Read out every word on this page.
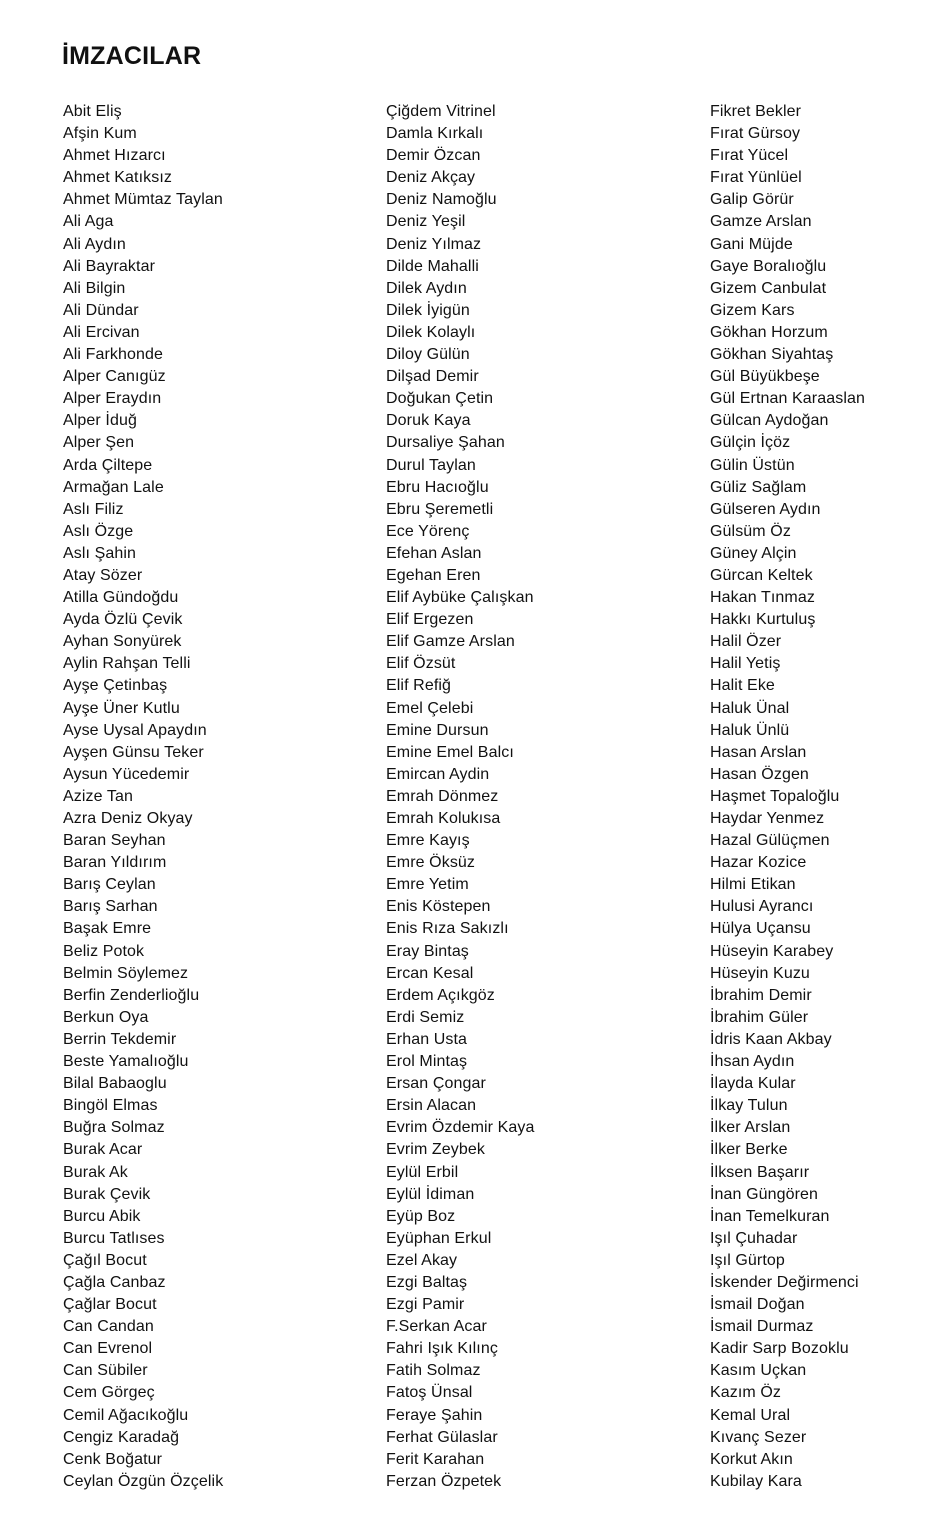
İMZACILAR
Abit Eliş
Afşin Kum
Ahmet Hızarcı
Ahmet Katıksız
Ahmet Mümtaz Taylan
Ali Aga
Ali Aydın
Ali Bayraktar
Ali Bilgin
Ali Dündar
Ali Ercivan
Ali Farkhonde
Alper Canıgüz
Alper Eraydın
Alper İduğ
Alper Şen
Arda Çiltepe
Armağan Lale
Aslı Filiz
Aslı Özge
Aslı Şahin
Atay Sözer
Atilla Gündoğdu
Ayda Özlü Çevik
Ayhan Sonyürek
Aylin Rahşan Telli
Ayşe Çetinbaş
Ayşe Üner Kutlu
Ayse Uysal Apaydın
Ayşen Günsu Teker
Aysun Yücedemir
Azize Tan
Azra Deniz Okyay
Baran Seyhan
Baran Yıldırım
Barış Ceylan
Barış Sarhan
Başak Emre
Beliz Potok
Belmin Söylemez
Berfin Zenderlioğlu
Berkun Oya
Berrin Tekdemir
Beste Yamalıoğlu
Bilal Babaoglu
Bingöl Elmas
Buğra Solmaz
Burak Acar
Burak Ak
Burak Çevik
Burcu Abik
Burcu Tatlıses
Çağıl Bocut
Çağla Canbaz
Çağlar Bocut
Can Candan
Can Evrenol
Can Sübiler
Cem Görgeç
Cemil Ağacıkoğlu
Cengiz Karadağ
Cenk Boğatur
Ceylan Özgün Özçelik
Çiğdem Vitrinel
Damla Kırkalı
Demir Özcan
Deniz Akçay
Deniz Namoğlu
Deniz Yeşil
Deniz Yılmaz
Dilde Mahalli
Dilek Aydın
Dilek İyigün
Dilek Kolaylı
Diloy Gülün
Dilşad Demir
Doğukan Çetin
Doruk Kaya
Dursaliye Şahan
Durul Taylan
Ebru Hacıoğlu
Ebru Şeremetli
Ece Yörenç
Efehan Aslan
Egehan Eren
Elif Aybüke Çalışkan
Elif Ergezen
Elif Gamze Arslan
Elif Özsüt
Elif Refiğ
Emel Çelebi
Emine Dursun
Emine Emel Balcı
Emircan Aydin
Emrah Dönmez
Emrah Kolukısa
Emre Kayış
Emre Öksüz
Emre Yetim
Enis Köstepen
Enis Rıza Sakızlı
Eray Bintaş
Ercan Kesal
Erdem Açıkgöz
Erdi Semiz
Erhan Usta
Erol Mintaş
Ersan Çongar
Ersin Alacan
Evrim Özdemir Kaya
Evrim Zeybek
Eylül Erbil
Eylül İdiman
Eyüp Boz
Eyüphan Erkul
Ezel Akay
Ezgi Baltaş
Ezgi Pamir
F.Serkan Acar
Fahri Işık Kılınç
Fatih Solmaz
Fatoş Ünsal
Feraye Şahin
Ferhat Gülaslar
Ferit Karahan
Ferzan Özpetek
Fikret Bekler
Fırat Gürsoy
Fırat Yücel
Fırat Yünlüel
Galip Görür
Gamze Arslan
Gani Müjde
Gaye Boralıoğlu
Gizem Canbulat
Gizem Kars
Gökhan Horzum
Gökhan Siyahtaş
Gül Büyükbeşe
Gül Ertnan Karaaslan
Gülcan Aydoğan
Gülçin İçöz
Gülin Üstün
Güliz Sağlam
Gülseren Aydın
Gülsüm Öz
Güney Alçin
Gürcan Keltek
Hakan Tınmaz
Hakkı Kurtuluş
Halil Özer
Halil Yetiş
Halit Eke
Haluk Ünal
Haluk Ünlü
Hasan Arslan
Hasan Özgen
Haşmet Topaloğlu
Haydar Yenmez
Hazal Gülüçmen
Hazar Kozice
Hilmi Etikan
Hulusi Ayrancı
Hülya Uçansu
Hüseyin Karabey
Hüseyin Kuzu
İbrahim Demir
İbrahim Güler
İdris Kaan Akbay
İhsan Aydın
İlayda Kular
İlkay Tulun
İlker Arslan
İlker Berke
İlksen Başarır
İnan Güngören
İnan Temelkuran
Işıl Çuhadar
Işıl Gürtop
İskender Değirmenci
İsmail Doğan
İsmail Durmaz
Kadir Sarp Bozoklu
Kasım Uçkan
Kazım Öz
Kemal Ural
Kıvanç Sezer
Korkut Akın
Kubilay Kara
